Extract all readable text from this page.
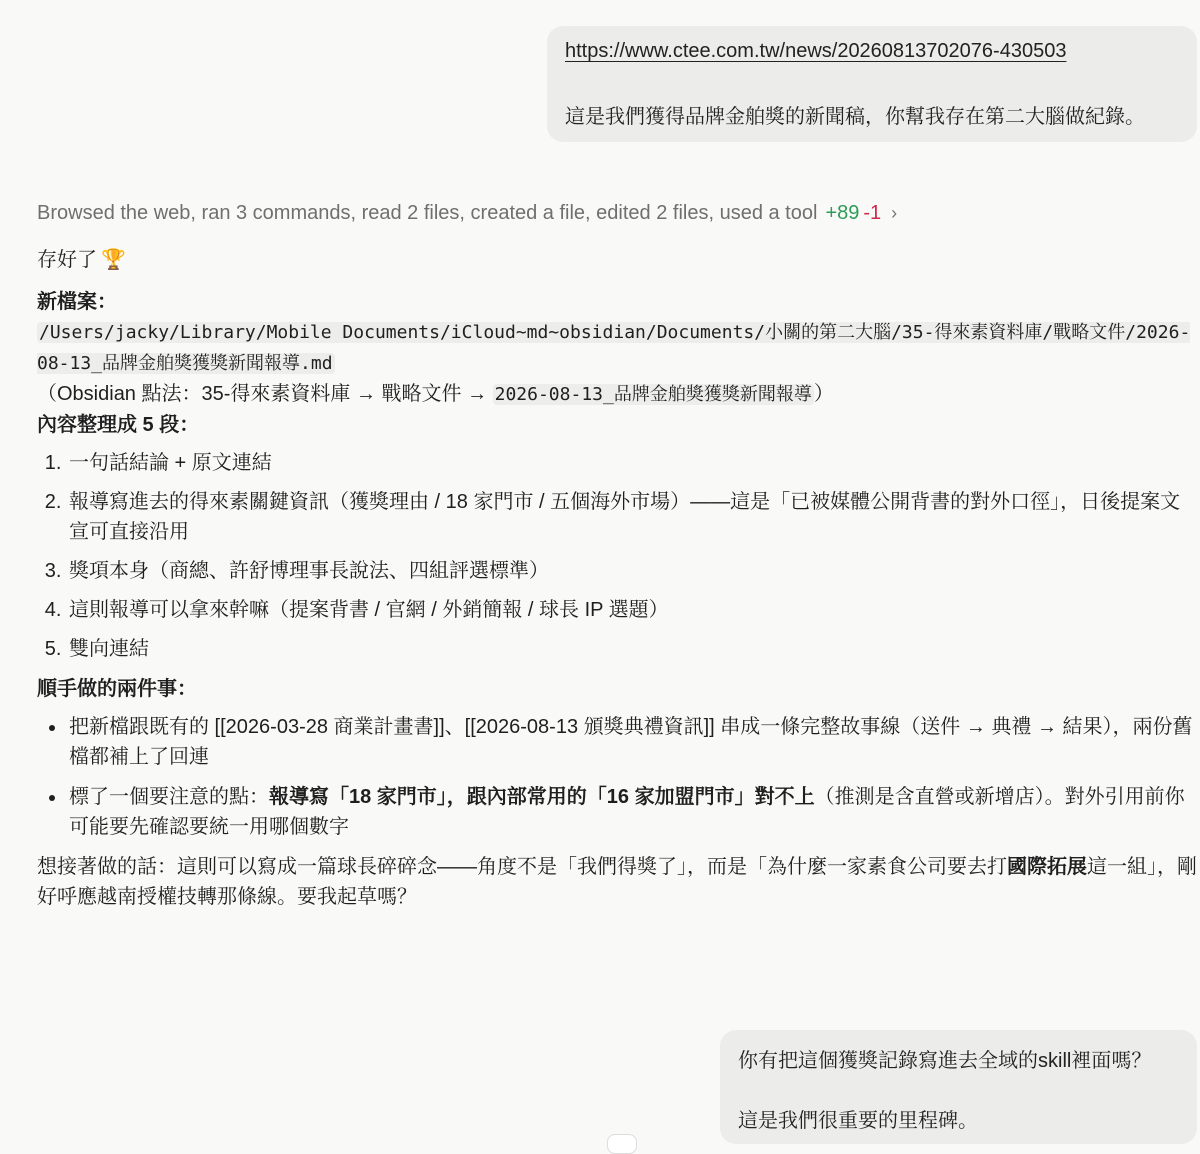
https://www.ctee.com.tw/news/20260813702076-430503
這是我們獲得品牌金舶獎的新聞稿，你幫我存在第二大腦做紀錄。
Browsed the web, ran 3 commands, read 2 files, created a file, edited 2 files, used a tool +89 -1 ›

存好了 🏆

新檔案：

/Users/jacky/Library/Mobile Documents/iCloud~md~obsidian/Documents/小關的第二大腦/35-得來素資料庫/戰略文件/2026-08-13_品牌金舶獎獲獎新聞報導.md

（Obsidian 點法：35-得來素資料庫 → 戰略文件 → 2026-08-13_品牌金舶獎獲獎新聞報導 ）

內容整理成 5 段：

1. 一句話結論 + 原文連結
2. 報導寫進去的得來素關鍵資訊（獲獎理由 / 18 家門市 / 五個海外市場）——這是「已被媒體公開背書的對外口徑」，日後提案文宣可直接沿用
3. 獎項本身（商總、許舒博理事長說法、四組評選標準）
4. 這則報導可以拿來幹嘛（提案背書 / 官網 / 外銷簡報 / 球長 IP 選題）
5. 雙向連結

順手做的兩件事：

• 把新檔跟既有的 [[2026-03-28 商業計畫書]]、[[2026-08-13 頒獎典禮資訊]] 串成一條完整故事線（送件 → 典禮 → 結果），兩份舊檔都補上了回連
• 標了一個要注意的點：報導寫「18 家門市」，跟內部常用的「16 家加盟門市」對不上（推測是含直營或新增店）。對外引用前你可能要先確認要統一用哪個數字

想接著做的話：這則可以寫成一篇球長碎碎念——角度不是「我們得獎了」，而是「為什麼一家素食公司要去打國際拓展這一組」，剛好呼應越南授權技轉那條線。要我起草嗎？

你有把這個獲獎記錄寫進去全域的skill裡面嗎？
這是我們很重要的里程碑。
